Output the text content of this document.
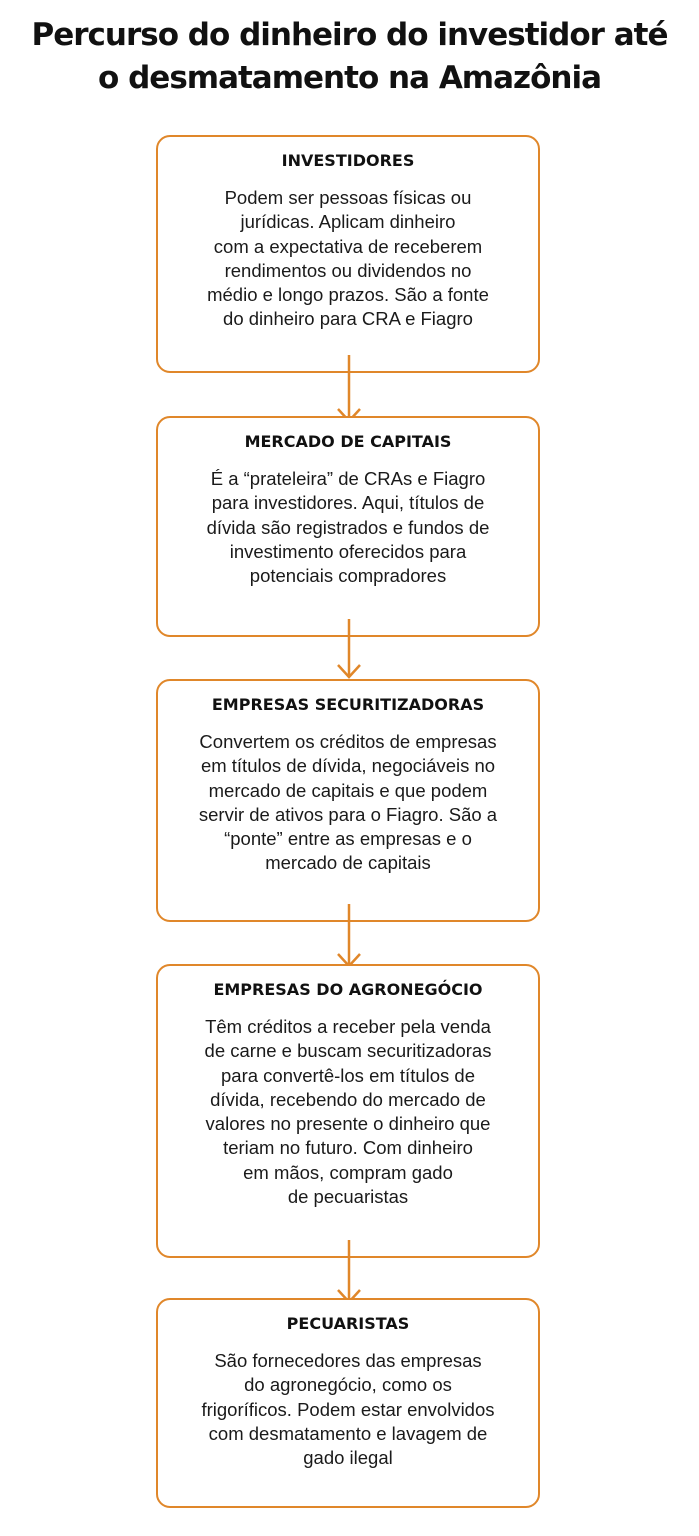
Percurso do dinheiro do investidor até
o desmatamento na Amazônia
INVESTIDORES
Podem ser pessoas físicas ou
jurídicas. Aplicam dinheiro
com a expectativa de receberem
rendimentos ou dividendos no
médio e longo prazos. São a fonte
do dinheiro para CRA e Fiagro
MERCADO DE CAPITAIS
É a “prateleira” de CRAs e Fiagro
para investidores. Aqui, títulos de
dívida são registrados e fundos de
investimento oferecidos para
potenciais compradores
EMPRESAS SECURITIZADORAS
Convertem os créditos de empresas
em títulos de dívida, negociáveis no
mercado de capitais e que podem
servir de ativos para o Fiagro. São a
“ponte” entre as empresas e o
mercado de capitais
EMPRESAS DO AGRONEGÓCIO
Têm créditos a receber pela venda
de carne e buscam securitizadoras
para convertê-los em títulos de
dívida, recebendo do mercado de
valores no presente o dinheiro que
teriam no futuro. Com dinheiro
em mãos, compram gado
de pecuaristas
PECUARISTAS
São fornecedores das empresas
do agronegócio, como os
frigoríficos. Podem estar envolvidos
com desmatamento e lavagem de
gado ilegal
